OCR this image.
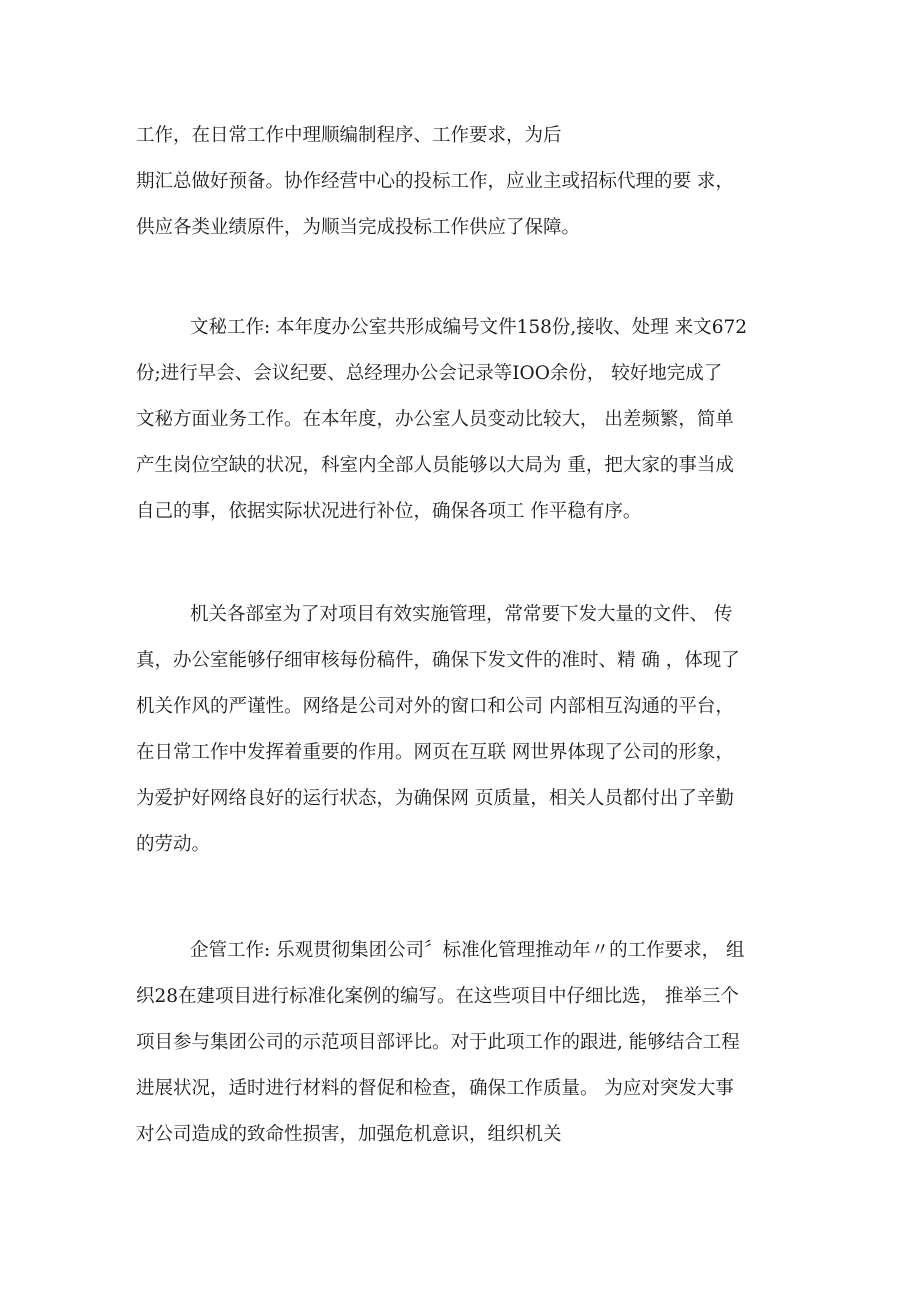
工作，在日常工作中理顺编制程序、工作要求，为后
期汇总做好预备。协作经营中心的投标工作，应业主或招标代理的要 求，
供应各类业绩原件，为顺当完成投标工作供应了保障。
文秘工作: 本年度办公室共形成编号文件158份,接收、处理 来文672
份;进行早会、会议纪要、总经理办公会记录等IOO余份， 较好地完成了
文秘方面业务工作。在本年度，办公室人员变动比较大， 出差频繁，简单
产生岗位空缺的状况，科室内全部人员能够以大局为 重，把大家的事当成
自己的事，依据实际状况进行补位，确保各项工 作平稳有序。
机关各部室为了对项目有效实施管理，常常要下发大量的文件、 传
真，办公室能够仔细审核每份稿件，确保下发文件的准时、精 确 ，体现了
机关作风的严谨性。网络是公司对外的窗口和公司 内部相互沟通的平台，
在日常工作中发挥着重要的作用。网页在互联 网世界体现了公司的形象，
为爱护好网络良好的运行状态，为确保网 页质量，相关人员都付出了辛勤
的劳动。
企管工作: 乐观贯彻集团公司〞标准化管理推动年〃的工作要求， 组
织28在建项目进行标准化案例的编写。在这些项目中仔细比选， 推举三个
项目参与集团公司的示范项目部评比。对于此项工作的跟进, 能够结合工程
进展状况，适时进行材料的督促和检查，确保工作质量。 为应对突发大事
对公司造成的致命性损害，加强危机意识，组织机关
